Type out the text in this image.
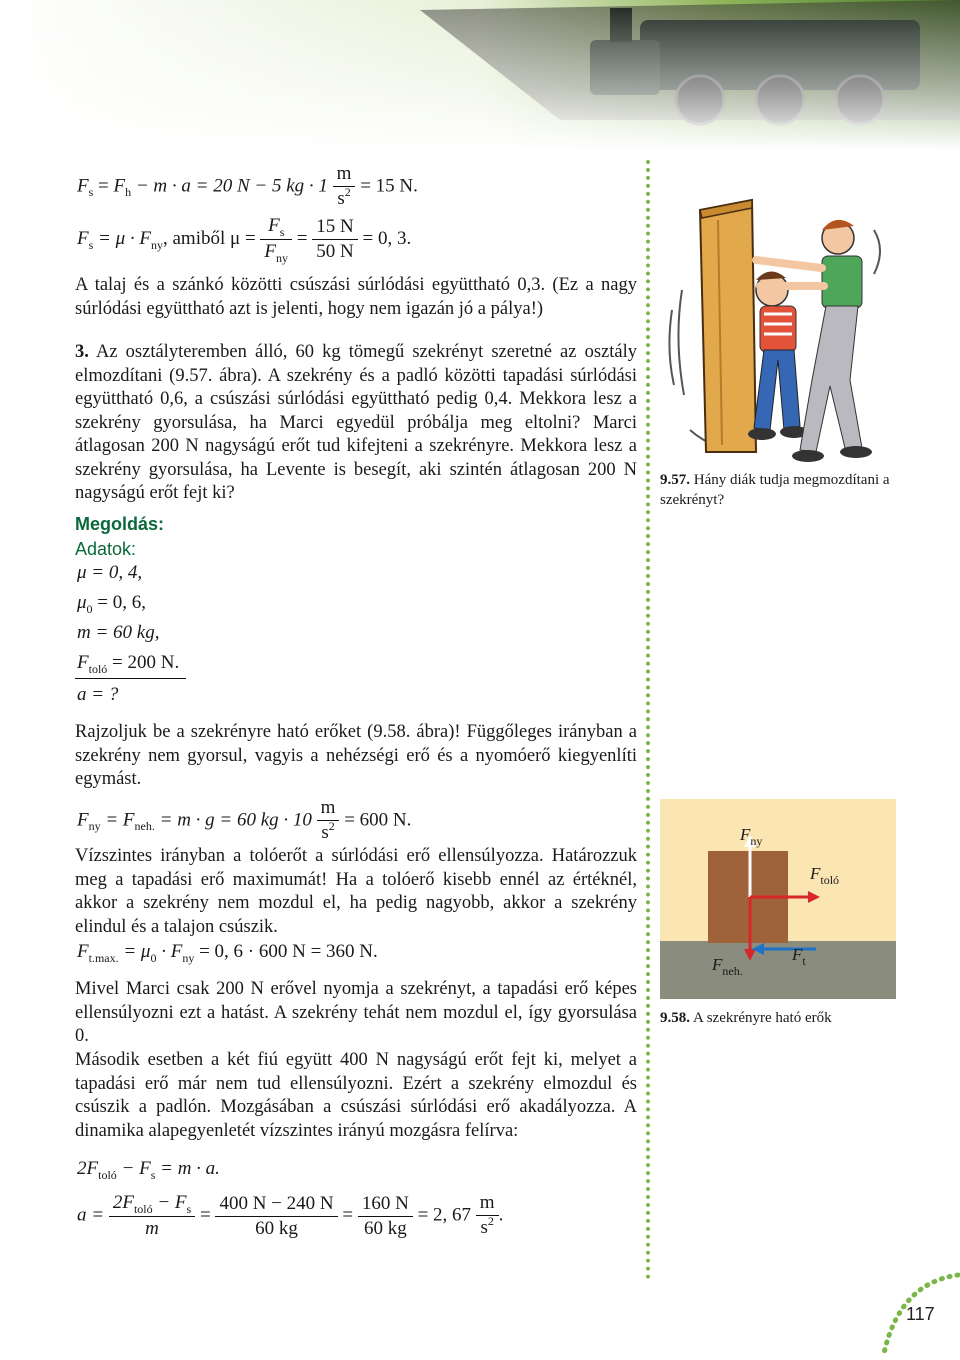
$F_s = F_h - m \cdot a = 20$ N − 5 kg · $1 \frac{m}{s^2} = 15$ N.
$F_s = \mu \cdot F_{ny}$, amiből $\mu = \frac{F_s}{F_{ny}} = \frac{15 N}{50 N} = 0$, 3.
A talaj és a szánkó közötti csúszási súrlódási együttható 0,3. (Ez a nagy súrlódási együttható azt is jelenti, hogy nem igazán jó a pálya!)
3. Az osztályteremben álló, 60 kg tömegű szekrényt szeretné az osztály elmozdítani (9.57. ábra). A szekrény és a padló közötti tapadási súrlódási együttható 0,6, a csúszási súrlódási együttható pedig 0,4. Mekkora lesz a szekrény gyorsulása, ha Marci egyedül próbálja meg eltolni? Marci átlagosan 200 N nagyságú erőt tud kifejteni a szekrényre. Mekkora lesz a szekrény gyorsulása, ha Levente is besegít, aki szintén átlagosan 200 N nagyságú erőt fejt ki?
Megoldás:
Adatok:
μ = 0, 4,
$\mu_0 = 0$, 6,
m = 60 kg,
$F_{toló} = 200$ N.
a = ?
Rajzoljuk be a szekrényre ható erőket (9.58. ábra)! Függőleges irányban a szekrény nem gyorsul, vagyis a nehézségi erő és a nyomóerő kiegyenlíti egymást.
$F_{ny} = F_{neh.} = m \cdot g = 60$ kg · $10 \frac{m}{s^2} = 600$ N.
Vízszintes irányban a tolóerőt a súrlódási erő ellensúlyozza. Határozzuk meg a tapadási erő maximumát! Ha a tolóerő kisebb ennél az értéknél, akkor a szekrény nem mozdul el, ha pedig nagyobb, akkor a szekrény elindul és a talajon csúszik.
$F_{t.max.} = \mu_0 \cdot F_{ny} = 0$, 6 · 600 N = 360 N.
Mivel Marci csak 200 N erővel nyomja a szekrényt, a tapadási erő képes ellensúlyozni ezt a hatást. A szekrény tehát nem mozdul el, így gyorsulása 0.
Második esetben a két fiú együtt 400 N nagyságú erőt fejt ki, melyet a tapadási erő már nem tud ellensúlyozni. Ezért a szekrény elmozdul és csúszik a padlón. Mozgásában a csúszási súrlódási erő akadályozza. A dinamika alapegyenletét vízszintes irányú mozgásra felírva:
$2F_{toló} - F_s = m \cdot a$.
$a = \frac{2F_{toló} - F_s}{m} = \frac{400 N - 240 N}{60 kg} = \frac{160 N}{60 kg} = 2$, $67 \frac{m}{s^2}$ .
9.57. Hány diák tudja megmozdítani a szekrényt?
$F_{ny}$
$F_{toló}$
$F_{neh.}$
$F_t$
9.58. A szekrényre ható erők
117
